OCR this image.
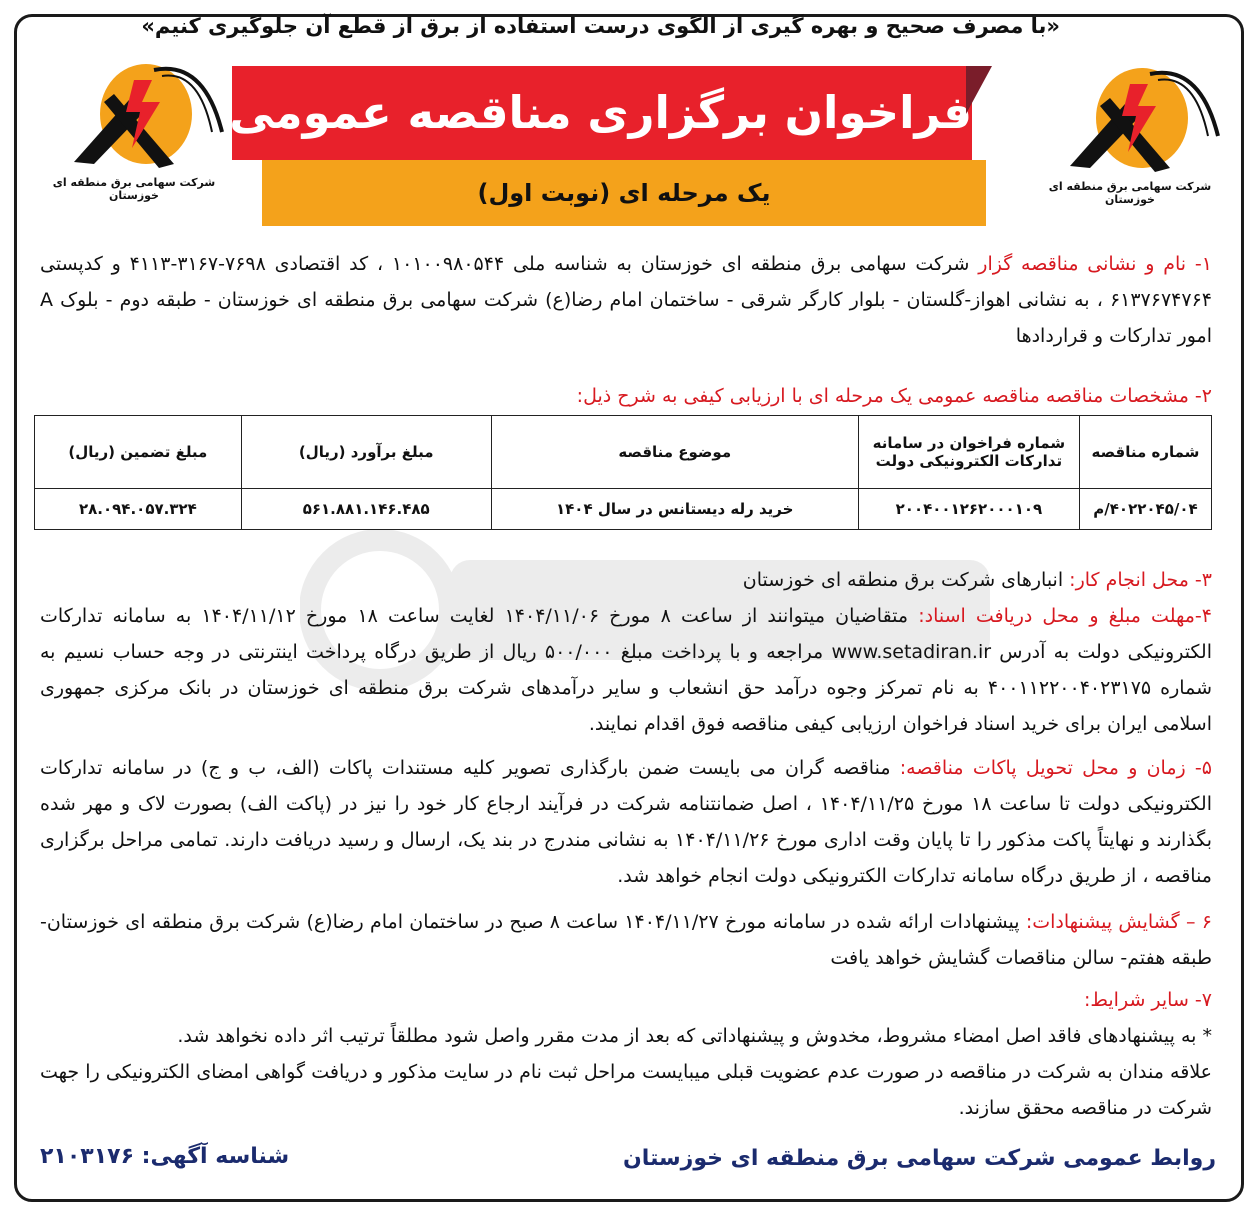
«با مصرف صحیح و بهره گیری از الگوی درست استفاده از برق از قطع آن جلوگیری کنیم»
شرکت سهامی برق منطقه ای خوزستان
شرکت سهامی برق منطقه ای خوزستان
یک مرحله ای (نوبت اول)
فراخوان برگزاری مناقصه عمومی
۱- نام و نشانی مناقصه گزار شرکت سهامی برق منطقه ای خوزستان به شناسه ملی ۱۰۱۰۰۹۸۰۵۴۴ ، کد اقتصادی ۷۶۹۸-۳۱۶۷-۴۱۱۳ و کدپستی ۶۱۳۷۶۷۴۷۶۴ ، به نشانی اهواز-گلستان - بلوار کارگر شرقی - ساختمان امام رضا(ع) شرکت سهامی برق منطقه ای خوزستان - طبقه دوم - بلوک A امور تدارکات و قراردادها
۲- مشخصات مناقصه مناقصه عمومی یک مرحله ای با ارزیابی کیفی به شرح ذیل:
شماره مناقصه	شماره فراخوان در سامانه تدارکات الکترونیکی دولت	موضوع مناقصه	مبلغ برآورد (ریال)	مبلغ تضمین (ریال)
۴۰۲۲۰۴۵/۰۴/م	۲۰۰۴۰۰۱۲۶۲۰۰۰۱۰۹	خرید رله دیستانس در سال ۱۴۰۴	۵۶۱.۸۸۱.۱۴۶.۴۸۵	۲۸.۰۹۴.۰۵۷.۳۲۴
۳- محل انجام کار: انبارهای شرکت برق منطقه ای خوزستان
۴-مهلت مبلغ و محل دریافت اسناد: متقاضیان میتوانند از ساعت ۸ مورخ ۱۴۰۴/۱۱/۰۶ لغایت ساعت ۱۸ مورخ ۱۴۰۴/۱۱/۱۲ به سامانه تدارکات الکترونیکی دولت به آدرس www.setadiran.ir مراجعه و با پرداخت مبلغ ۵۰۰/۰۰۰ ریال از طریق درگاه پرداخت اینترنتی در وجه حساب نسیم به شماره ۴۰۰۱۱۲۲۰۰۴۰۲۳۱۷۵ به نام تمرکز وجوه درآمد حق انشعاب و سایر درآمدهای شرکت برق منطقه ای خوزستان در بانک مرکزی جمهوری اسلامی ایران برای خرید اسناد فراخوان ارزیابی کیفی مناقصه فوق اقدام نمایند.
۵- زمان و محل تحویل پاکات مناقصه: مناقصه گران می بایست ضمن بارگذاری تصویر کلیه مستندات پاکات (الف، ب و ج) در سامانه تدارکات الکترونیکی دولت تا ساعت ۱۸ مورخ ۱۴۰۴/۱۱/۲۵ ، اصل ضمانتنامه شرکت در فرآیند ارجاع کار خود را نیز در (پاکت الف) بصورت لاک و مهر شده بگذارند و نهایتاً پاکت مذکور را تا پایان وقت اداری مورخ ۱۴۰۴/۱۱/۲۶ به نشانی مندرج در بند یک، ارسال و رسید دریافت دارند. تمامی مراحل برگزاری مناقصه ، از طریق درگاه سامانه تدارکات الکترونیکی دولت انجام خواهد شد.
۶ – گشایش پیشنهادات: پیشنهادات ارائه شده در سامانه مورخ ۱۴۰۴/۱۱/۲۷ ساعت ۸ صبح در ساختمان امام رضا(ع) شرکت برق منطقه ای خوزستان- طبقه هفتم- سالن مناقصات گشایش خواهد یافت
۷- سایر شرایط:
* به پیشنهادهای فاقد اصل امضاء مشروط، مخدوش و پیشنهاداتی که بعد از مدت مقرر واصل شود مطلقاً ترتیب اثر داده نخواهد شد.
علاقه مندان به شرکت در مناقصه در صورت عدم عضویت قبلی میبایست مراحل ثبت نام در سایت مذکور و دریافت گواهی امضای الکترونیکی را جهت شرکت در مناقصه محقق سازند.
روابط عمومی شرکت سهامی برق منطقه ای خوزستان
شناسه آگهی: ۲۱۰۳۱۷۶
